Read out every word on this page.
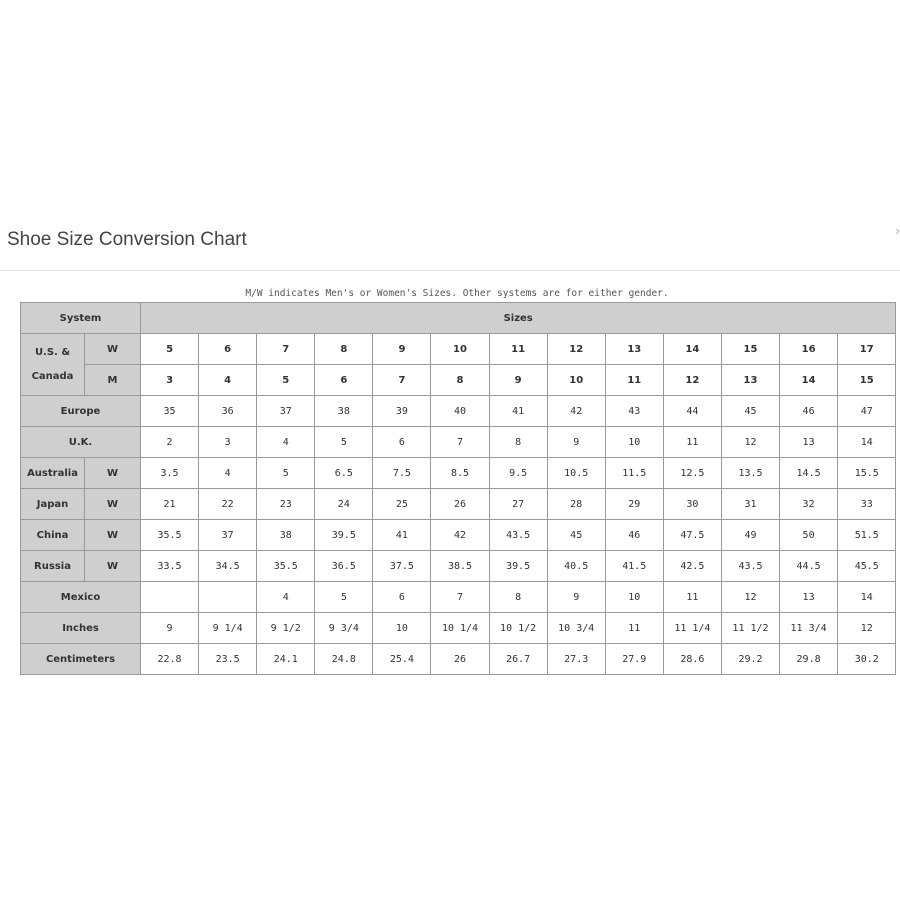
Shoe Size Conversion Chart	›
M/W indicates Men's or Women's Sizes. Other systems are for either gender.
System		Sizes												
U.S. &
Canada	W	5	6	7	8	9	10	11	12	13	14	15	16	17
	M	3	4	5	6	7	8	9	10	11	12	13	14	15
Europe		35	36	37	38	39	40	41	42	43	44	45	46	47
U.K.		2	3	4	5	6	7	8	9	10	11	12	13	14
Australia	W	3.5	4	5	6.5	7.5	8.5	9.5	10.5	11.5	12.5	13.5	14.5	15.5
Japan	W	21	22	23	24	25	26	27	28	29	30	31	32	33
China	W	35.5	37	38	39.5	41	42	43.5	45	46	47.5	49	50	51.5
Russia	W	33.5	34.5	35.5	36.5	37.5	38.5	39.5	40.5	41.5	42.5	43.5	44.5	45.5
Mexico				4	5	6	7	8	9	10	11	12	13	14
Inches		9	9 1/4	9 1/2	9 3/4	10	10 1/4	10 1/2	10 3/4	11	11 1/4	11 1/2	11 3/4	12
Centimeters		22.8	23.5	24.1	24.8	25.4	26	26.7	27.3	27.9	28.6	29.2	29.8	30.2
